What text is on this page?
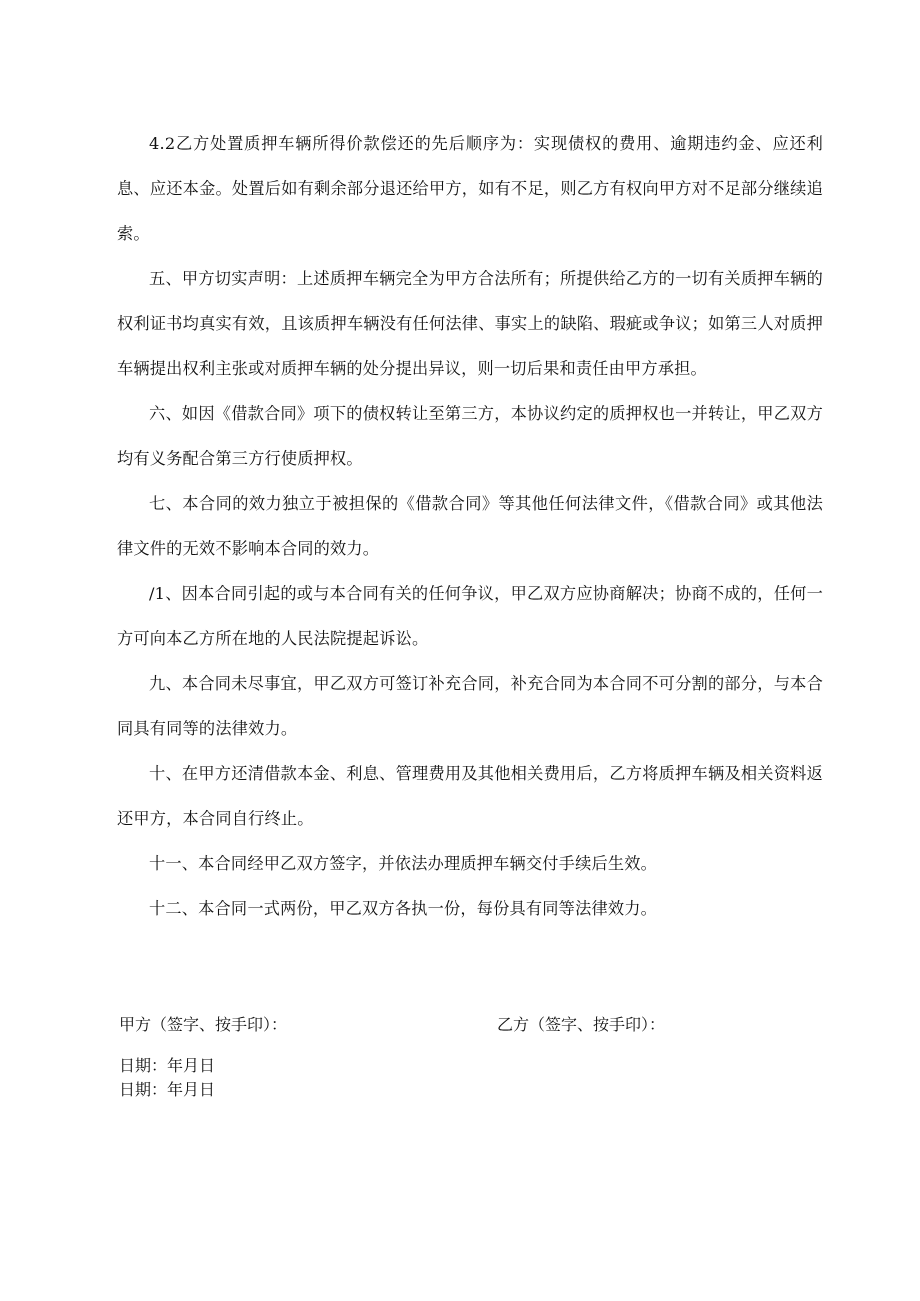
4.2乙方处置质押车辆所得价款偿还的先后顺序为：实现债权的费用、逾期违约金、应还利息、应还本金。处置后如有剩余部分退还给甲方，如有不足，则乙方有权向甲方对不足部分继续追索。

五、甲方切实声明：上述质押车辆完全为甲方合法所有；所提供给乙方的一切有关质押车辆的权利证书均真实有效，且该质押车辆没有任何法律、事实上的缺陷、瑕疵或争议；如第三人对质押车辆提出权利主张或对质押车辆的处分提出异议，则一切后果和责任由甲方承担。

六、如因《借款合同》项下的债权转让至第三方，本协议约定的质押权也一并转让，甲乙双方均有义务配合第三方行使质押权。

七、本合同的效力独立于被担保的《借款合同》等其他任何法律文件，《借款合同》或其他法律文件的无效不影响本合同的效力。

/1、因本合同引起的或与本合同有关的任何争议，甲乙双方应协商解决；协商不成的，任何一方可向本乙方所在地的人民法院提起诉讼。

九、本合同未尽事宜，甲乙双方可签订补充合同，补充合同为本合同不可分割的部分，与本合同具有同等的法律效力。

十、在甲方还清借款本金、利息、管理费用及其他相关费用后，乙方将质押车辆及相关资料返还甲方，本合同自行终止。

十一、本合同经甲乙双方签字，并依法办理质押车辆交付手续后生效。

十二、本合同一式两份，甲乙双方各执一份，每份具有同等法律效力。

甲方（签字、按手印）：	乙方（签字、按手印）：
日期：年月日
日期：年月日
